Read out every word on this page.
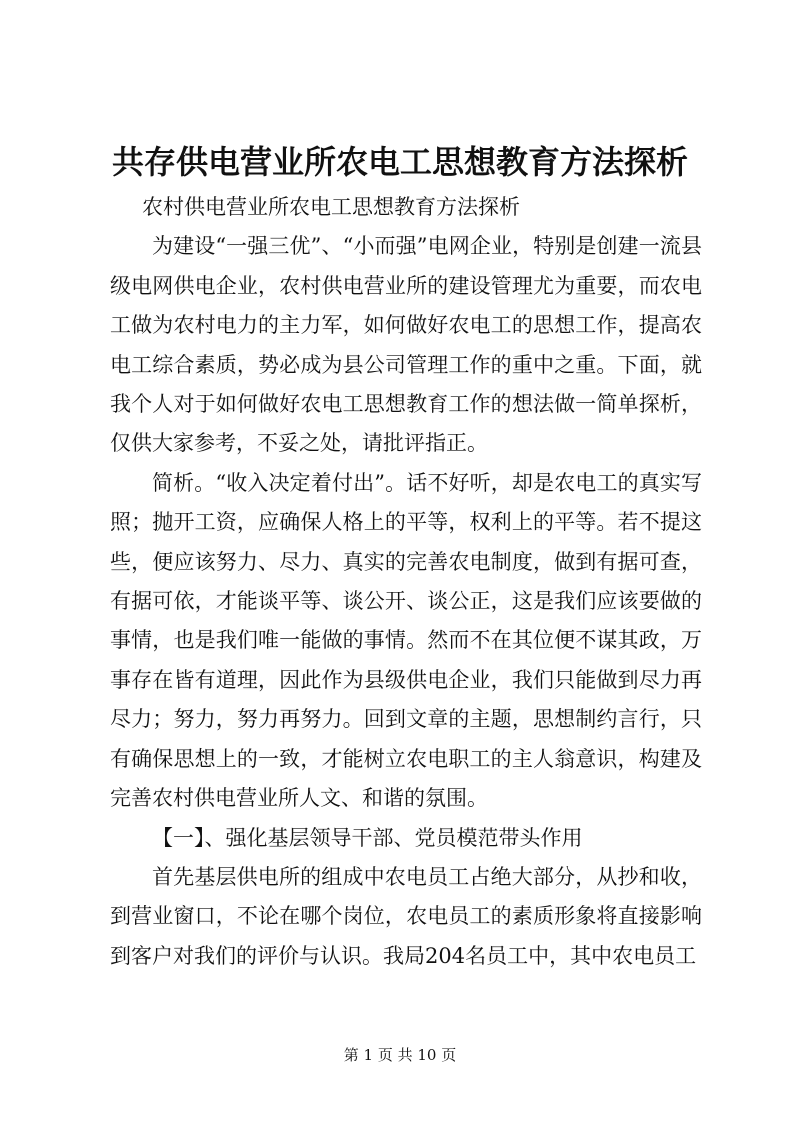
共存供电营业所农电工思想教育方法探析

农村供电营业所农电工思想教育方法探析

为建设“一强三优”、“小而强”电网企业，特别是创建一流县级电网供电企业，农村供电营业所的建设管理尤为重要，而农电工做为农村电力的主力军，如何做好农电工的思想工作，提高农电工综合素质，势必成为县公司管理工作的重中之重。下面，就我个人对于如何做好农电工思想教育工作的想法做一简单探析，仅供大家参考，不妥之处，请批评指正。

简析。“收入决定着付出”。话不好听，却是农电工的真实写照；抛开工资，应确保人格上的平等，权利上的平等。若不提这些，便应该努力、尽力、真实的完善农电制度，做到有据可查，有据可依，才能谈平等、谈公开、谈公正，这是我们应该要做的事情，也是我们唯一能做的事情。然而不在其位便不谋其政，万事存在皆有道理，因此作为县级供电企业，我们只能做到尽力再尽力；努力，努力再努力。回到文章的主题，思想制约言行，只有确保思想上的一致，才能树立农电职工的主人翁意识，构建及完善农村供电营业所人文、和谐的氛围。

【一】、强化基层领导干部、党员模范带头作用

首先基层供电所的组成中农电员工占绝大部分，从抄和收，到营业窗口，不论在哪个岗位，农电员工的素质形象将直接影响到客户对我们的评价与认识。我局204名员工中，其中农电员工

第 1 页 共 10 页
